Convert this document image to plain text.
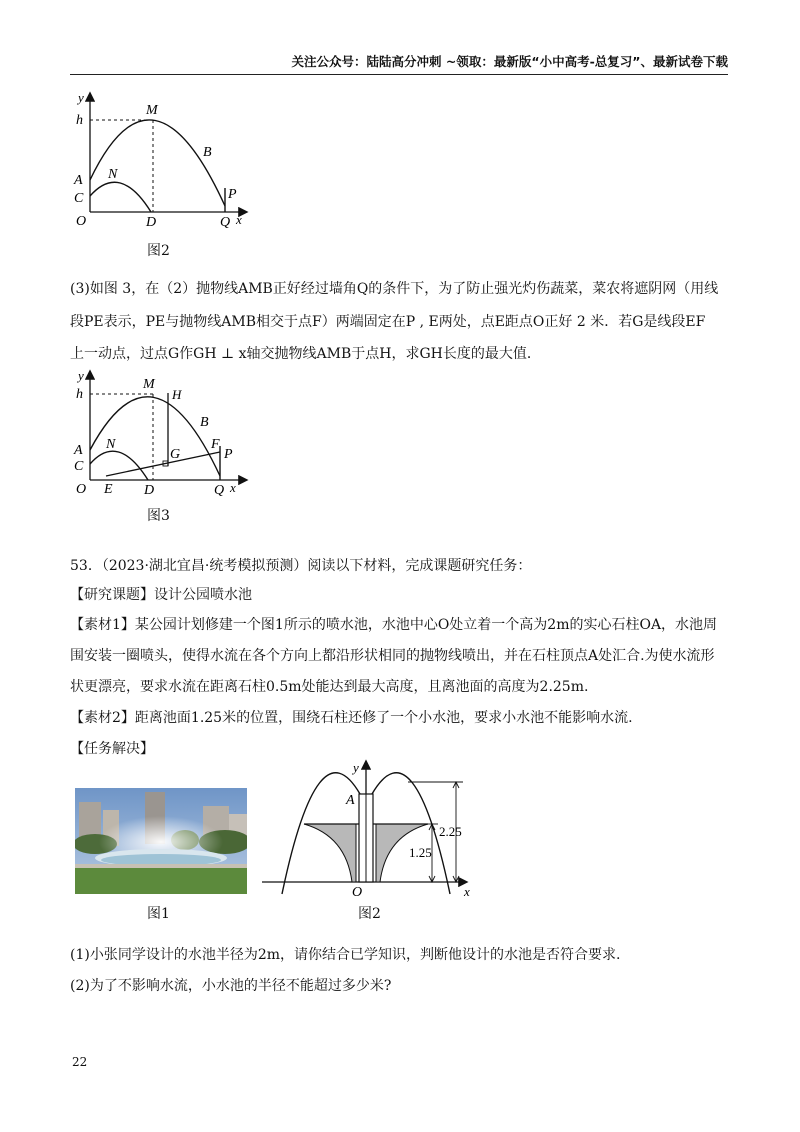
关注公众号：陆陆高分冲刺 ~领取：最新版“小中高考-总复习”、最新试卷下载
y
h
M
B
A N
C	P
O	D	Q x
图2
(3)如图 3，在（2）抛物线AMB正好经过墙角Q的条件下，为了防止强光灼伤蔬菜，菜农将遮阴网（用线
段PE表示，PE与抛物线AMB相交于点F）两端固定在P , E两处，点E距点O正好 2 米．若G是线段EF
上一动点，过点G作GH ⊥ x轴交抛物线AMB于点H，求GH长度的最大值．
y
h
M
H
B
A N	F
P
C
G
O E D	Q x
图3
53．（2023·湖北宜昌·统考模拟预测）阅读以下材料，完成课题研究任务：
【研究课题】设计公园喷水池
【素材1】某公园计划修建一个图1所示的喷水池，水池中心O处立着一个高为2m的实心石柱OA，水池周
围安装一圈喷头，使得水流在各个方向上都沿形状相同的抛物线喷出，并在石柱顶点A处汇合.为使水流形
状更漂亮，要求水流在距离石柱0.5m处能达到最大高度，且离池面的高度为2.25m.
【素材2】距离池面1.25米的位置，围绕石柱还修了一个小水池，要求小水池不能影响水流.
【任务解决】
图1
y
A
2.25
1.25
O	x
图2
(1)小张同学设计的水池半径为2m，请你结合已学知识，判断他设计的水池是否符合要求.
(2)为了不影响水流，小水池的半径不能超过多少米?
22
